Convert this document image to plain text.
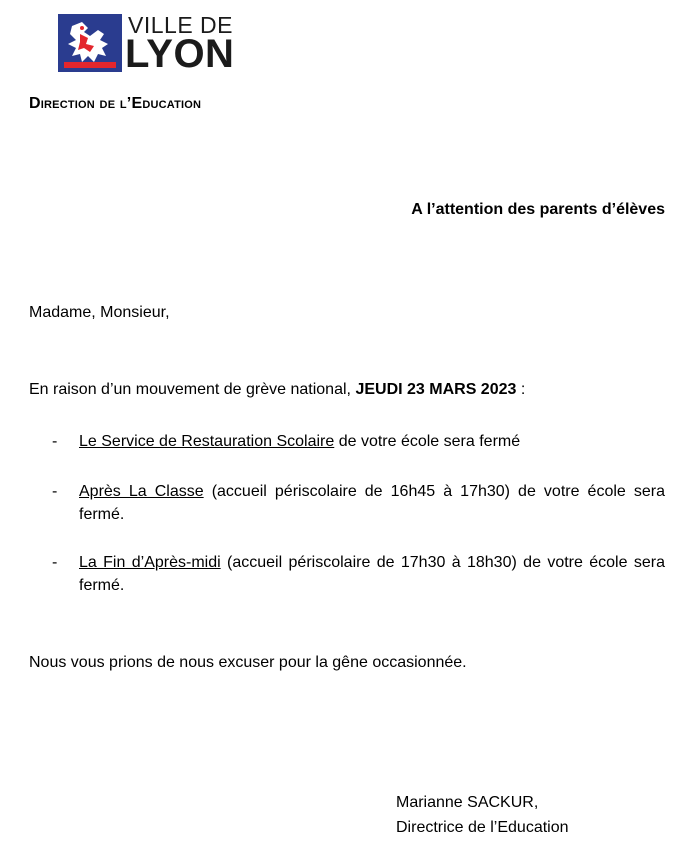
VILLE DE
LYON
Direction de l’Education
A l’attention des parents d’élèves
Madame, Monsieur,
En raison d’un mouvement de grève national, JEUDI 23 MARS 2023 :
- Le Service de Restauration Scolaire de votre école sera fermé
- Après La Classe (accueil périscolaire de 16h45 à 17h30) de votre école sera fermé.
- La Fin d’Après-midi (accueil périscolaire de 17h30 à 18h30) de votre école sera fermé.
Nous vous prions de nous excuser pour la gêne occasionnée.
Marianne SACKUR,
Directrice de l’Education
